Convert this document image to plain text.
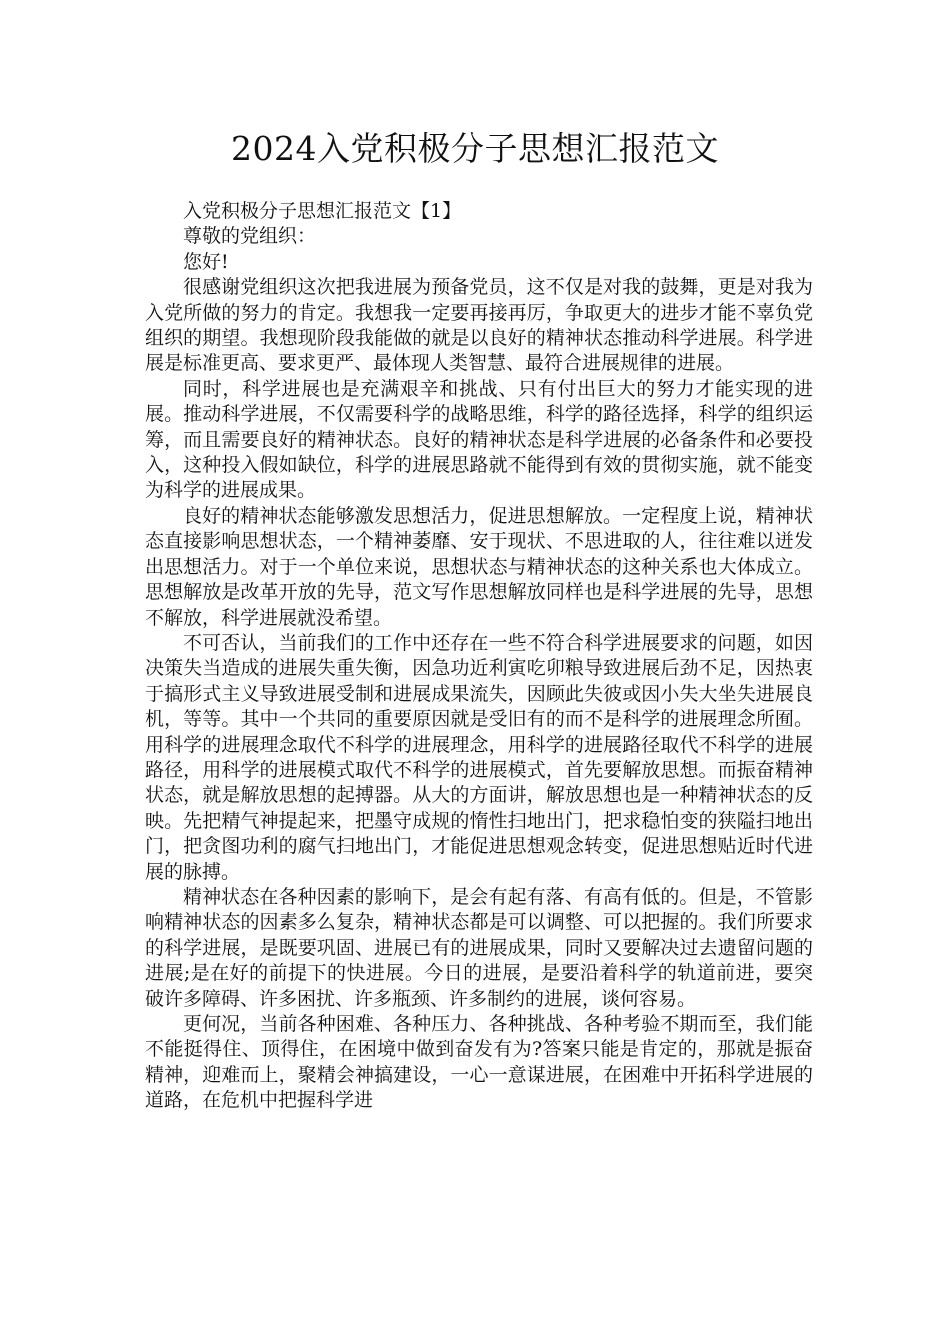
2024入党积极分子思想汇报范文

入党积极分子思想汇报范文【1】

尊敬的党组织：

您好!

很感谢党组织这次把我进展为预备党员，这不仅是对我的鼓舞，更是对我为入党所做的努力的肯定。我想我一定要再接再厉，争取更大的进步才能不辜负党组织的期望。我想现阶段我能做的就是以良好的精神状态推动科学进展。科学进展是标准更高、要求更严、最体现人类智慧、最符合进展规律的进展。

同时，科学进展也是充满艰辛和挑战、只有付出巨大的努力才能实现的进展。推动科学进展，不仅需要科学的战略思维，科学的路径选择，科学的组织运筹，而且需要良好的精神状态。良好的精神状态是科学进展的必备条件和必要投入，这种投入假如缺位，科学的进展思路就不能得到有效的贯彻实施，就不能变为科学的进展成果。

良好的精神状态能够激发思想活力，促进思想解放。一定程度上说，精神状态直接影响思想状态，一个精神萎靡、安于现状、不思进取的人，往往难以迸发出思想活力。对于一个单位来说，思想状态与精神状态的这种关系也大体成立。思想解放是改革开放的先导，范文写作思想解放同样也是科学进展的先导，思想不解放，科学进展就没希望。

不可否认，当前我们的工作中还存在一些不符合科学进展要求的问题，如因决策失当造成的进展失重失衡，因急功近利寅吃卯粮导致进展后劲不足，因热衷于搞形式主义导致进展受制和进展成果流失，因顾此失彼或因小失大坐失进展良机，等等。其中一个共同的重要原因就是受旧有的而不是科学的进展理念所囿。用科学的进展理念取代不科学的进展理念，用科学的进展路径取代不科学的进展路径，用科学的进展模式取代不科学的进展模式，首先要解放思想。而振奋精神状态，就是解放思想的起搏器。从大的方面讲，解放思想也是一种精神状态的反映。先把精气神提起来，把墨守成规的惰性扫地出门，把求稳怕变的狭隘扫地出门，把贪图功利的腐气扫地出门，才能促进思想观念转变，促进思想贴近时代进展的脉搏。

精神状态在各种因素的影响下，是会有起有落、有高有低的。但是，不管影响精神状态的因素多么复杂，精神状态都是可以调整、可以把握的。我们所要求的科学进展，是既要巩固、进展已有的进展成果，同时又要解决过去遗留问题的进展;是在好的前提下的快进展。今日的进展，是要沿着科学的轨道前进，要突破许多障碍、许多困扰、许多瓶颈、许多制约的进展，谈何容易。

更何况，当前各种困难、各种压力、各种挑战、各种考验不期而至，我们能不能挺得住、顶得住，在困境中做到奋发有为?答案只能是肯定的，那就是振奋精神，迎难而上，聚精会神搞建设，一心一意谋进展，在困难中开拓科学进展的道路，在危机中把握科学进
